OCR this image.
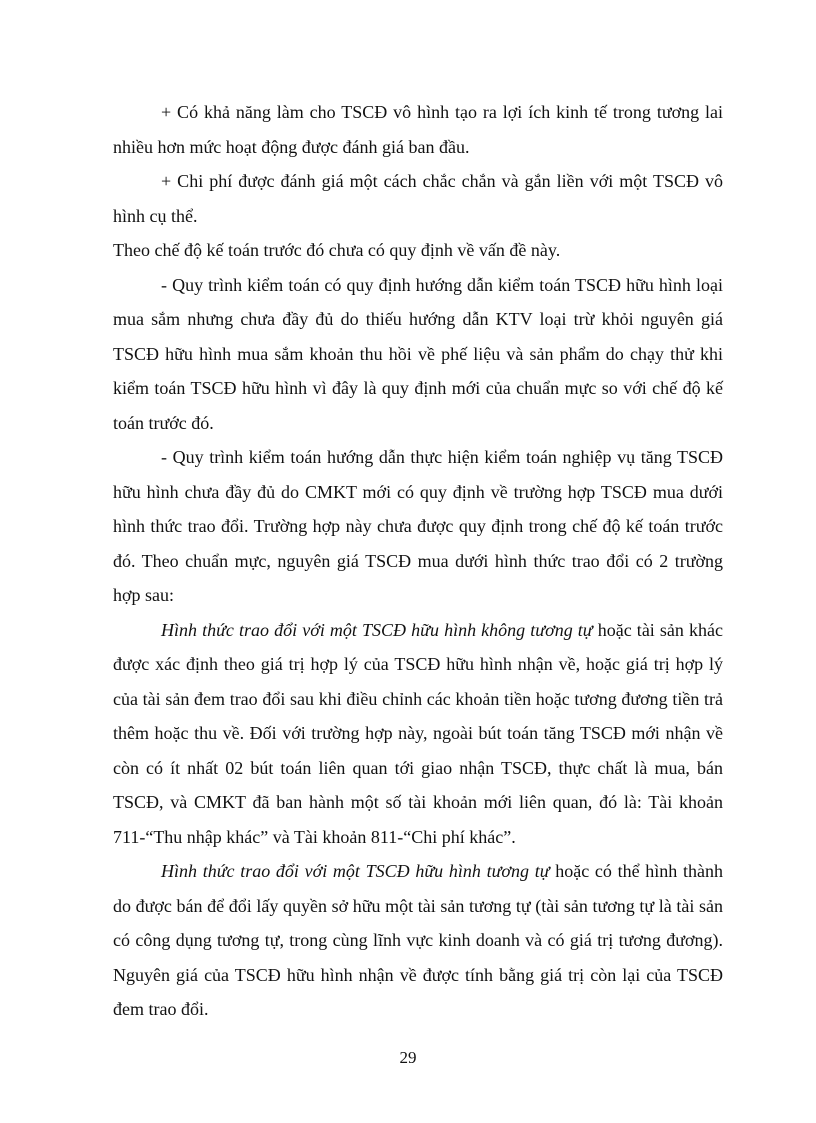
+ Có khả năng làm cho TSCĐ vô hình tạo ra lợi ích kinh tế trong tương lai nhiều hơn mức hoạt động được đánh giá ban đầu.

+ Chi phí được đánh giá một cách chắc chắn và gắn liền với một TSCĐ vô hình cụ thể.

Theo chế độ kế toán trước đó chưa có quy định về vấn đề này.

- Quy trình kiểm toán có quy định hướng dẫn kiểm toán TSCĐ hữu hình loại mua sắm nhưng chưa đầy đủ do thiếu hướng dẫn KTV loại trừ khỏi nguyên giá TSCĐ hữu hình mua sắm khoản thu hồi về phế liệu và sản phẩm do chạy thử khi kiểm toán TSCĐ hữu hình vì đây là quy định mới của chuẩn mực so với chế độ kế toán trước đó.

- Quy trình kiểm toán hướng dẫn thực hiện kiểm toán nghiệp vụ tăng TSCĐ hữu hình chưa đầy đủ do CMKT mới có quy định về trường hợp TSCĐ mua dưới hình thức trao đổi. Trường hợp này chưa được quy định trong chế độ kế toán trước đó. Theo chuẩn mực, nguyên giá TSCĐ mua dưới hình thức trao đổi có 2 trường hợp sau:

Hình thức trao đổi với một TSCĐ hữu hình không tương tự hoặc tài sản khác được xác định theo giá trị hợp lý của TSCĐ hữu hình nhận về, hoặc giá trị hợp lý của tài sản đem trao đổi sau khi điều chỉnh các khoản tiền hoặc tương đương tiền trả thêm hoặc thu về. Đối với trường hợp này, ngoài bút toán tăng TSCĐ mới nhận về còn có ít nhất 02 bút toán liên quan tới giao nhận TSCĐ, thực chất là mua, bán TSCĐ, và CMKT đã ban hành một số tài khoản mới liên quan, đó là: Tài khoản 711-“Thu nhập khác” và Tài khoản 811-“Chi phí khác”.

Hình thức trao đổi với một TSCĐ hữu hình tương tự hoặc có thể hình thành do được bán để đổi lấy quyền sở hữu một tài sản tương tự (tài sản tương tự là tài sản có công dụng tương tự, trong cùng lĩnh vực kinh doanh và có giá trị tương đương). Nguyên giá của TSCĐ hữu hình nhận về được tính bằng giá trị còn lại của TSCĐ đem trao đổi.

29
